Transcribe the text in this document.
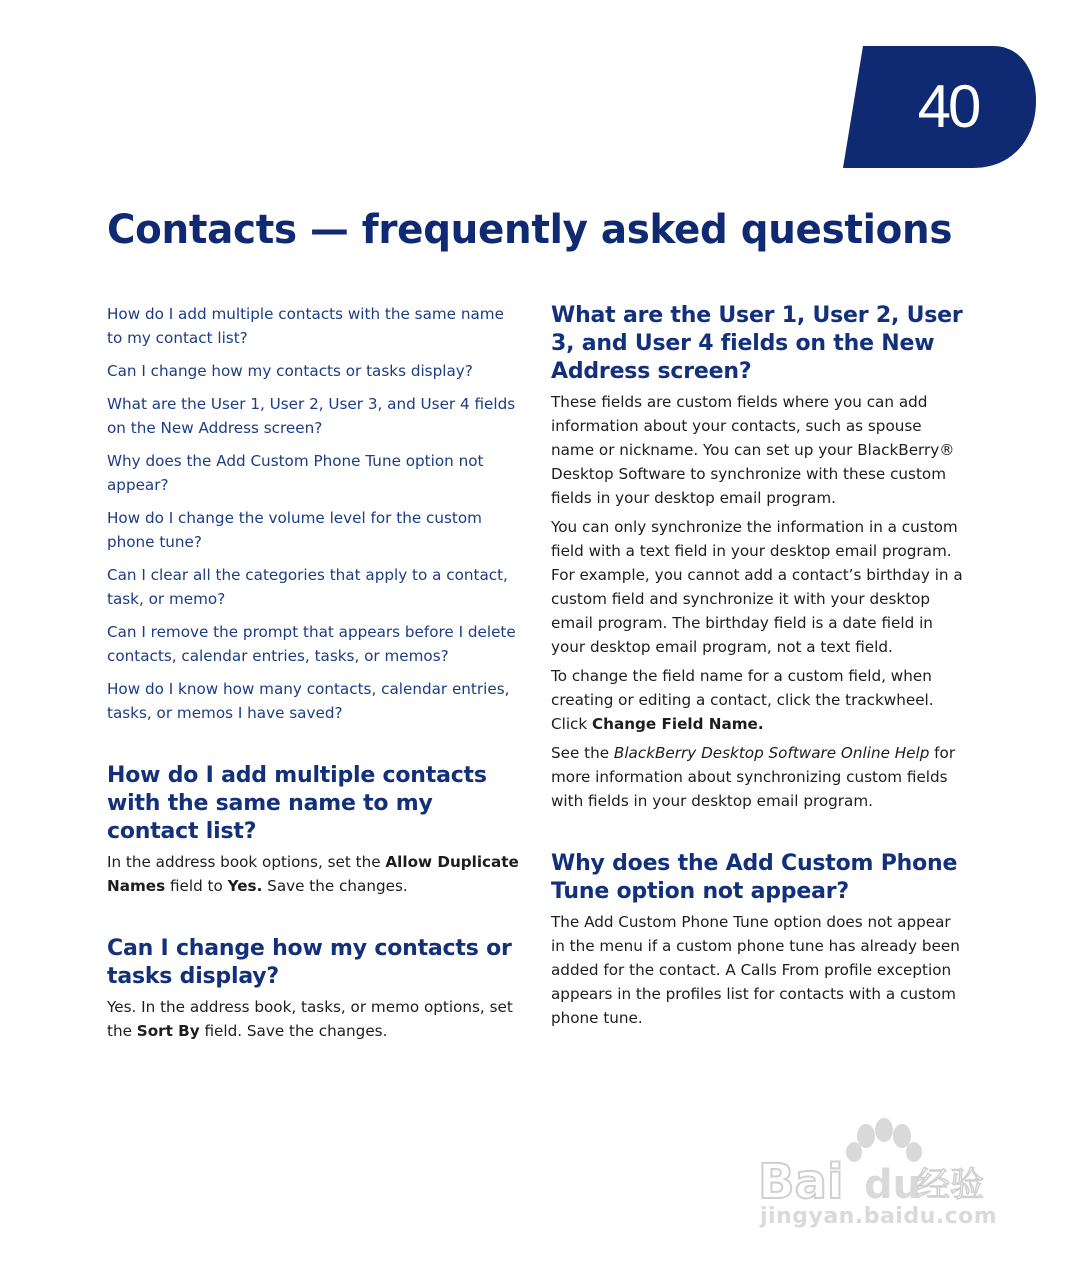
40
Contacts — frequently asked questions
How do I add multiple contacts with the same name to my contact list?
Can I change how my contacts or tasks display?
What are the User 1, User 2, User 3, and User 4 fields on the New Address screen?
Why does the Add Custom Phone Tune option not appear?
How do I change the volume level for the custom phone tune?
Can I clear all the categories that apply to a contact, task, or memo?
Can I remove the prompt that appears before I delete contacts, calendar entries, tasks, or memos?
How do I know how many contacts, calendar entries, tasks, or memos I have saved?
How do I add multiple contacts with the same name to my contact list?

In the address book options, set the Allow Duplicate Names field to Yes. Save the changes.

Can I change how my contacts or tasks display?

Yes. In the address book, tasks, or memo options, set the Sort By field. Save the changes.

What are the User 1, User 2, User 3, and User 4 fields on the New Address screen?

These fields are custom fields where you can add information about your contacts, such as spouse name or nickname. You can set up your BlackBerry® Desktop Software to synchronize with these custom fields in your desktop email program.

You can only synchronize the information in a custom field with a text field in your desktop email program. For example, you cannot add a contact’s birthday in a custom field and synchronize it with your desktop email program. The birthday field is a date field in your desktop email program, not a text field.

To change the field name for a custom field, when creating or editing a contact, click the trackwheel. Click Change Field Name.

See the BlackBerry Desktop Software Online Help for more information about synchronizing custom fields with fields in your desktop email program.

Why does the Add Custom Phone Tune option not appear?

The Add Custom Phone Tune option does not appear in the menu if a custom phone tune has already been added for the contact. A Calls From profile exception appears in the profiles list for contacts with a custom phone tune.

Bai du
经验
jingyan.baidu.com
